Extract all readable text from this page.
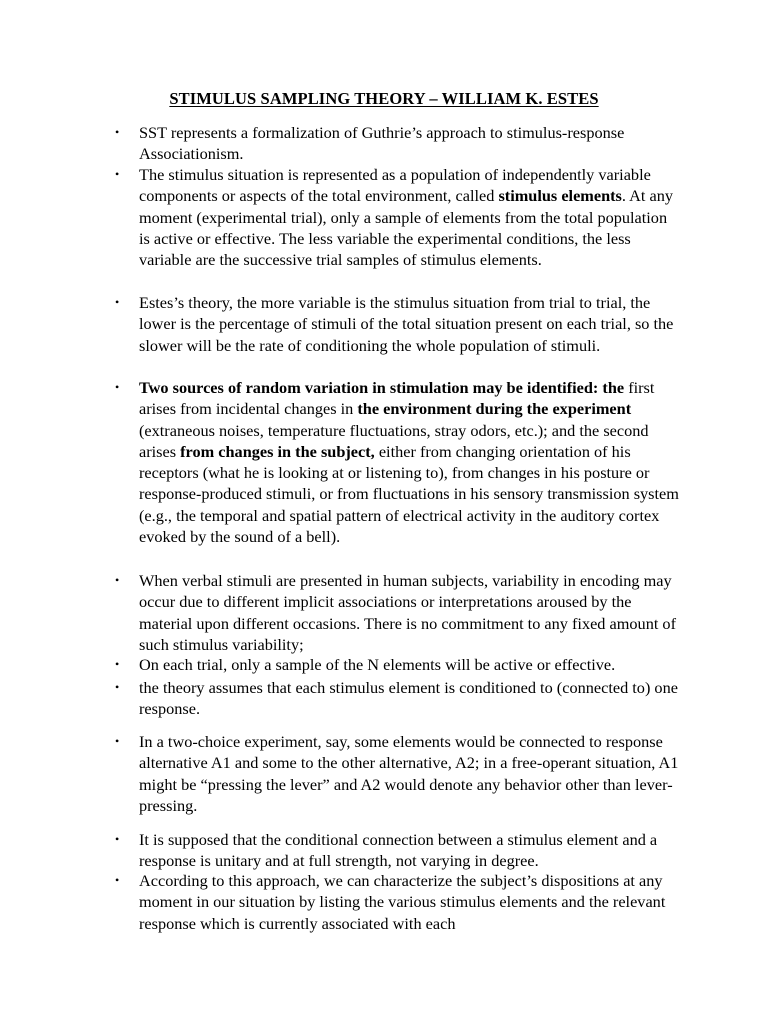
STIMULUS SAMPLING THEORY – WILLIAM K. ESTES
• SST represents a formalization of Guthrie’s approach to stimulus-response Associationism.
• The stimulus situation is represented as a population of independently variable components or aspects of the total environment, called stimulus elements. At any moment (experimental trial), only a sample of elements from the total population is active or effective. The less variable the experimental conditions, the less variable are the successive trial samples of stimulus elements.
• Estes’s theory, the more variable is the stimulus situation from trial to trial, the lower is the percentage of stimuli of the total situation present on each trial, so the slower will be the rate of conditioning the whole population of stimuli.
• Two sources of random variation in stimulation may be identified: the first arises from incidental changes in the environment during the experiment (extraneous noises, temperature fluctuations, stray odors, etc.); and the second arises from changes in the subject, either from changing orientation of his receptors (what he is looking at or listening to), from changes in his posture or response-produced stimuli, or from fluctuations in his sensory transmission system (e.g., the temporal and spatial pattern of electrical activity in the auditory cortex evoked by the sound of a bell).
• When verbal stimuli are presented in human subjects, variability in encoding may occur due to different implicit associations or interpretations aroused by the material upon different occasions. There is no commitment to any fixed amount of such stimulus variability;
• On each trial, only a sample of the N elements will be active or effective.
• the theory assumes that each stimulus element is conditioned to (connected to) one response.
• In a two-choice experiment, say, some elements would be connected to response alternative A1 and some to the other alternative, A2; in a free-operant situation, A1 might be “pressing the lever” and A2 would denote any behavior other than lever-pressing.
• It is supposed that the conditional connection between a stimulus element and a response is unitary and at full strength, not varying in degree.
• According to this approach, we can characterize the subject’s dispositions at any moment in our situation by listing the various stimulus elements and the relevant response which is currently associated with each
